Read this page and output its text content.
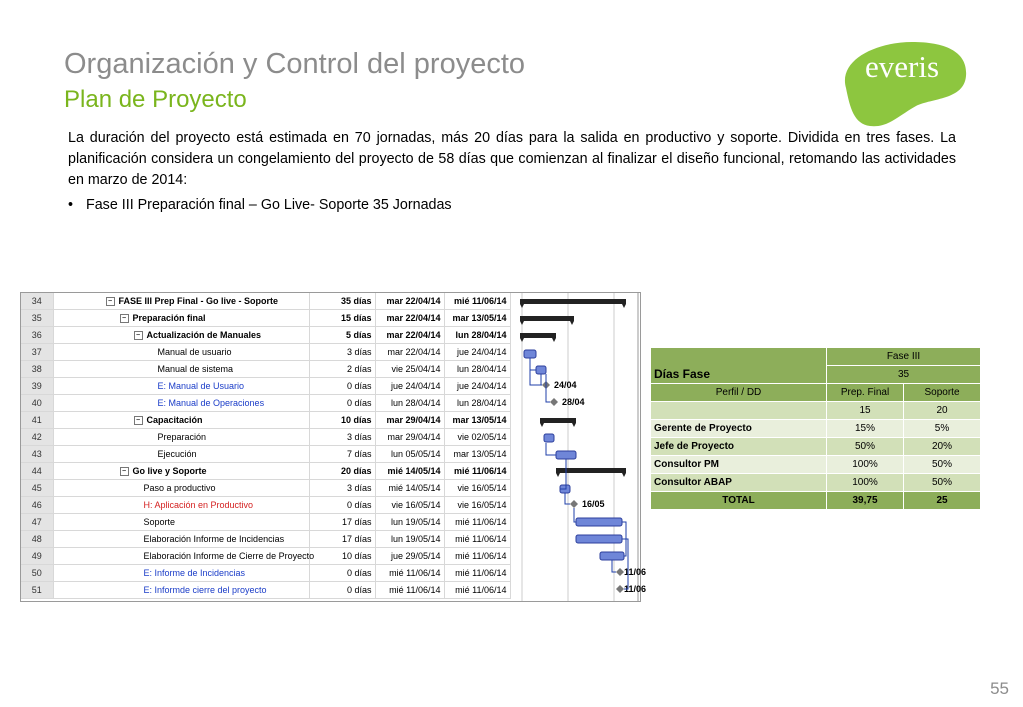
Organización y Control del proyecto
Plan de Proyecto
everis
La duración del proyecto está estimada en 70 jornadas, más 20 días para la salida en productivo y soporte. Dividida en tres fases. La planificación considera un congelamiento del proyecto de 58 días que comienzan al finalizar el diseño funcional, retomando las actividades en marzo de 2014:
• Fase III Preparación final – Go Live- Soporte 35 Jornadas
34	− FASE III Prep Final - Go live - Soporte	35 días	mar 22/04/14	mié 11/06/14
35	− Preparación final	15 días	mar 22/04/14	mar 13/05/14
36	− Actualización de Manuales	5 días	mar 22/04/14	lun 28/04/14
37	Manual de usuario	3 días	mar 22/04/14	jue 24/04/14
38	Manual de sistema	2 días	vie 25/04/14	lun 28/04/14
39	E: Manual de Usuario	0 días	jue 24/04/14	jue 24/04/14
40	E: Manual de Operaciones	0 días	lun 28/04/14	lun 28/04/14
41	− Capacitación	10 días	mar 29/04/14	mar 13/05/14
42	Preparación	3 días	mar 29/04/14	vie 02/05/14
43	Ejecución	7 días	lun 05/05/14	mar 13/05/14
44	− Go live y Soporte	20 días	mié 14/05/14	mié 11/06/14
45	Paso a productivo	3 días	mié 14/05/14	vie 16/05/14
46	H: Aplicación en Productivo	0 días	vie 16/05/14	vie 16/05/14
47	Soporte	17 días	lun 19/05/14	mié 11/06/14
48	Elaboración Informe de Incidencias	17 días	lun 19/05/14	mié 11/06/14
49	Elaboración Informe de Cierre de Proyecto	10 días	jue 29/05/14	mié 11/06/14
50	E: Informe de Incidencias	0 días	mié 11/06/14	mié 11/06/14
51	E: Informde cierre del proyecto	0 días	mié 11/06/14	mié 11/06/14
24/04
28/04
16/05
11/06
11/06
Días Fase	Fase III	
	35	
Perfil / DD	Prep. Final	Soporte
	15	20
Gerente de Proyecto	15%	5%
Jefe de Proyecto	50%	20%
Consultor PM	100%	50%
Consultor ABAP	100%	50%
TOTAL	39,75	25
55
